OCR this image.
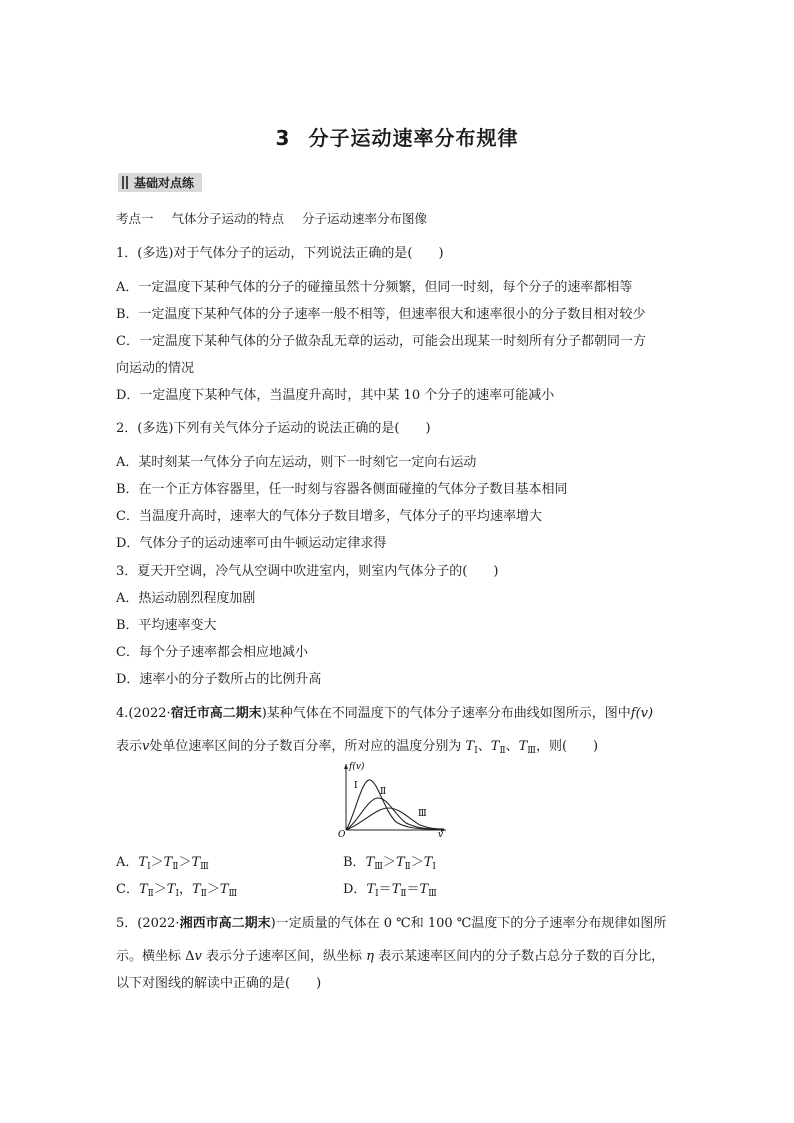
3 分子运动速率分布规律
基础对点练
考点一 气体分子运动的特点 分子运动速率分布图像
1．(多选)对于气体分子的运动，下列说法正确的是(　　)
A．一定温度下某种气体的分子的碰撞虽然十分频繁，但同一时刻，每个分子的速率都相等
B．一定温度下某种气体的分子速率一般不相等，但速率很大和速率很小的分子数目相对较少
C．一定温度下某种气体的分子做杂乱无章的运动，可能会出现某一时刻所有分子都朝同一方
向运动的情况
D．一定温度下某种气体，当温度升高时，其中某 10 个分子的速率可能减小
2．(多选)下列有关气体分子运动的说法正确的是(　　)
A．某时刻某一气体分子向左运动，则下一时刻它一定向右运动
B．在一个正方体容器里，任一时刻与容器各侧面碰撞的气体分子数目基本相同
C．当温度升高时，速率大的气体分子数目增多，气体分子的平均速率增大
D．气体分子的运动速率可由牛顿运动定律求得
3．夏天开空调，冷气从空调中吹进室内，则室内气体分子的(　　)
A．热运动剧烈程度加剧
B．平均速率变大
C．每个分子速率都会相应地减小
D．速率小的分子数所占的比例升高
4.(2022·宿迁市高二期末)某种气体在不同温度下的气体分子速率分布曲线如图所示，图中f(v)
表示v处单位速率区间的分子数百分率，所对应的温度分别为 $T_Ⅰ$、$T_Ⅱ$、$T_Ⅲ$，则(　　)
f(v)
v
O
Ⅰ
Ⅱ
Ⅲ
A．$T_Ⅰ>T_Ⅱ>T_Ⅲ$	B．$T_Ⅲ>T_Ⅱ>T_Ⅰ$
C．$T_Ⅱ>T_Ⅰ$，$T_Ⅱ>T_Ⅲ$	D．$T_Ⅰ=T_Ⅱ=T_Ⅲ$
5．(2022·湘西市高二期末)一定质量的气体在 0 ℃和 100 ℃温度下的分子速率分布规律如图所
示。横坐标 Δv 表示分子速率区间，纵坐标 η 表示某速率区间内的分子数占总分子数的百分比，
以下对图线的解读中正确的是(　　)
